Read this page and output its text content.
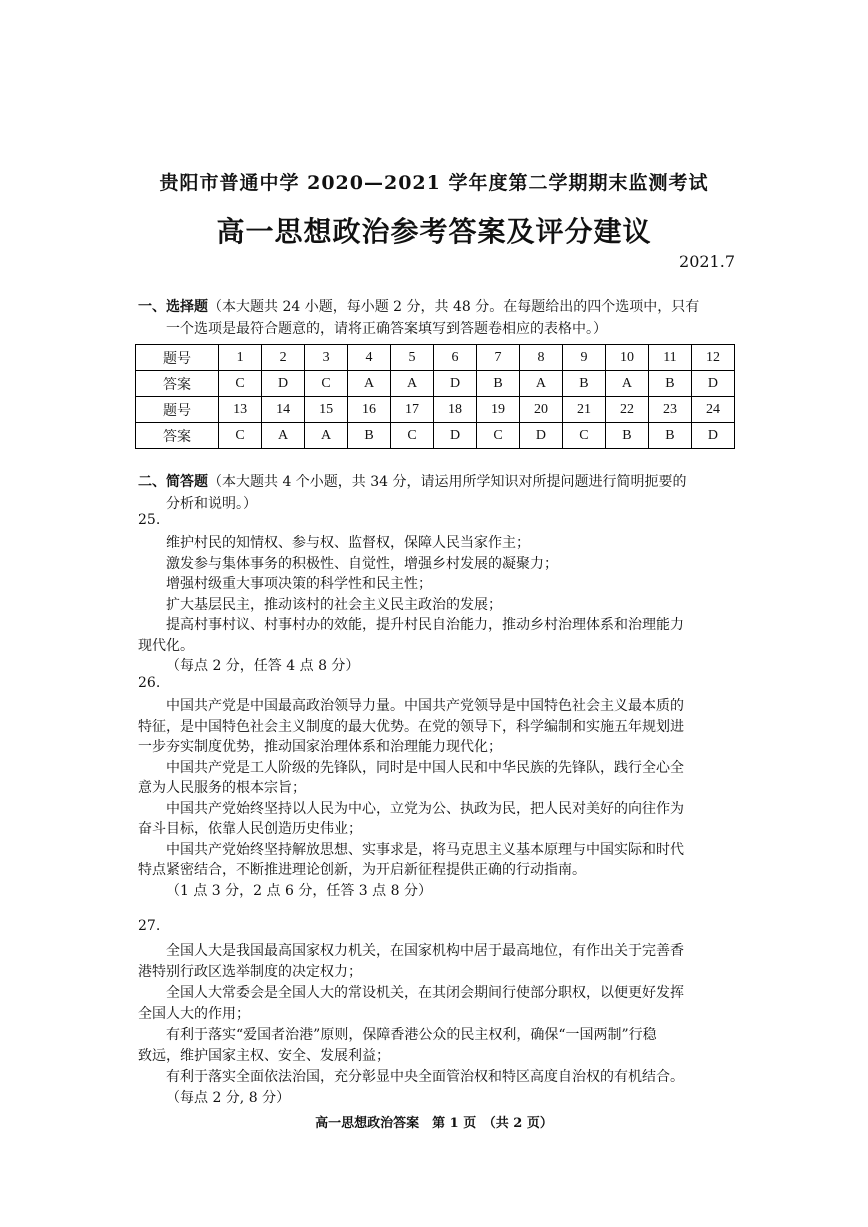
贵阳市普通中学 2020—2021 学年度第二学期期末监测考试
高一思想政治参考答案及评分建议
2021.7
一、选择题（本大题共 24 小题，每小题 2 分，共 48 分。在每题给出的四个选项中，只有
一个选项是最符合题意的，请将正确答案填写到答题卷相应的表格中。）
题号	1	2	3	4	5	6	7	8	9	10	11	12
答案	C	D	C	A	A	D	B	A	B	A	B	D
题号	13	14	15	16	17	18	19	20	21	22	23	24
答案	C	A	A	B	C	D	C	D	C	B	B	D
二、简答题（本大题共 4 个小题，共 34 分，请运用所学知识对所提问题进行简明扼要的
分析和说明。）
25.
维护村民的知情权、参与权、监督权，保障人民当家作主；
激发参与集体事务的积极性、自觉性，增强乡村发展的凝聚力；
增强村级重大事项决策的科学性和民主性；
扩大基层民主，推动该村的社会主义民主政治的发展；
提高村事村议、村事村办的效能，提升村民自治能力，推动乡村治理体系和治理能力
现代化。
（每点 2 分，任答 4 点 8 分）
26.
中国共产党是中国最高政治领导力量。中国共产党领导是中国特色社会主义最本质的
特征，是中国特色社会主义制度的最大优势。在党的领导下，科学编制和实施五年规划进
一步夯实制度优势，推动国家治理体系和治理能力现代化；
中国共产党是工人阶级的先锋队，同时是中国人民和中华民族的先锋队，践行全心全
意为人民服务的根本宗旨；
中国共产党始终坚持以人民为中心，立党为公、执政为民，把人民对美好的向往作为
奋斗目标，依靠人民创造历史伟业；
中国共产党始终坚持解放思想、实事求是，将马克思主义基本原理与中国实际和时代
特点紧密结合，不断推进理论创新，为开启新征程提供正确的行动指南。
（1 点 3 分，2 点 6 分，任答 3 点 8 分）
27.
全国人大是我国最高国家权力机关，在国家机构中居于最高地位，有作出关于完善香
港特别行政区选举制度的决定权力；
全国人大常委会是全国人大的常设机关，在其闭会期间行使部分职权，以便更好发挥
全国人大的作用；
有利于落实“爱国者治港”原则，保障香港公众的民主权利，确保“一国两制”行稳
致远，维护国家主权、安全、发展利益；
有利于落实全面依法治国，充分彰显中央全面管治权和特区高度自治权的有机结合。
（每点 2 分, 8 分）
高一思想政治答案　第 1 页　（共 2 页）
